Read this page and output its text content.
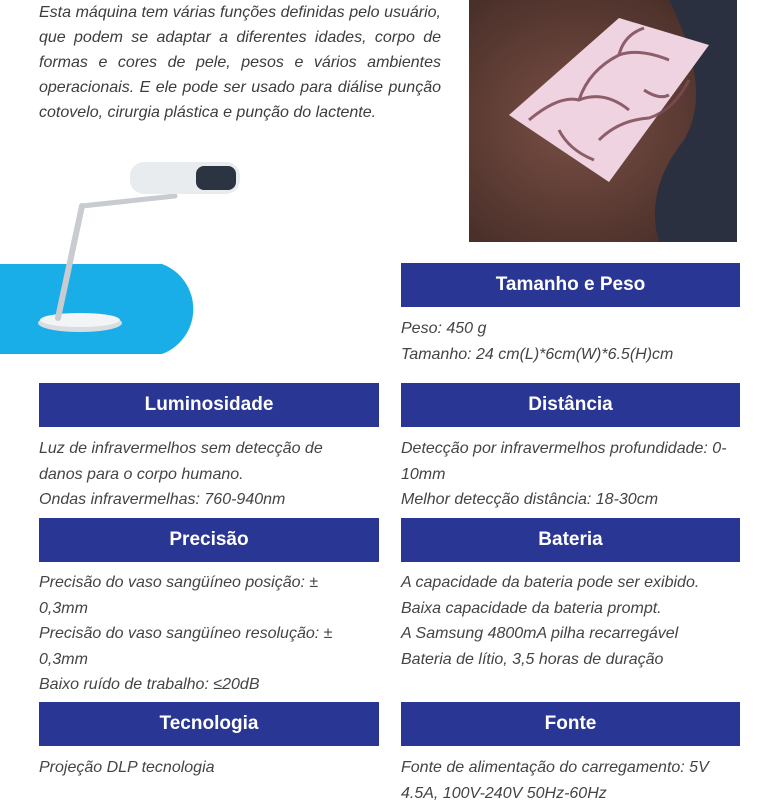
Esta máquina tem várias funções definidas pelo usuário, que podem se adaptar a diferentes idades, corpo de formas e cores de pele, pesos e vários ambientes operacionais. E ele pode ser usado para diálise punção cotovelo, cirurgia plástica e punção do lactente.

Tamanho e Peso

Peso: 450 g

Tamanho: 24 cm(L)*6cm(W)*6.5(H)cm

Luminosidade

Luz de infravermelhos sem detecção de danos para o corpo humano.

Ondas infravermelhas: 760-940nm

Distância

Detecção por infravermelhos profundidade: 0-10mm

Melhor detecção distância: 18-30cm

Precisão

Precisão do vaso sangüíneo posição: ± 0,3mm

Precisão do vaso sangüíneo resolução: ± 0,3mm

Baixo ruído de trabalho: ≤20dB

Bateria

A capacidade da bateria pode ser exibido.

Baixa capacidade da bateria prompt.

A Samsung 4800mA pilha recarregável

Bateria de lítio, 3,5 horas de duração

Tecnologia

Projeção DLP tecnologia

Fonte

Fonte de alimentação do carregamento: 5V 4.5A, 100V-240V 50Hz-60Hz
